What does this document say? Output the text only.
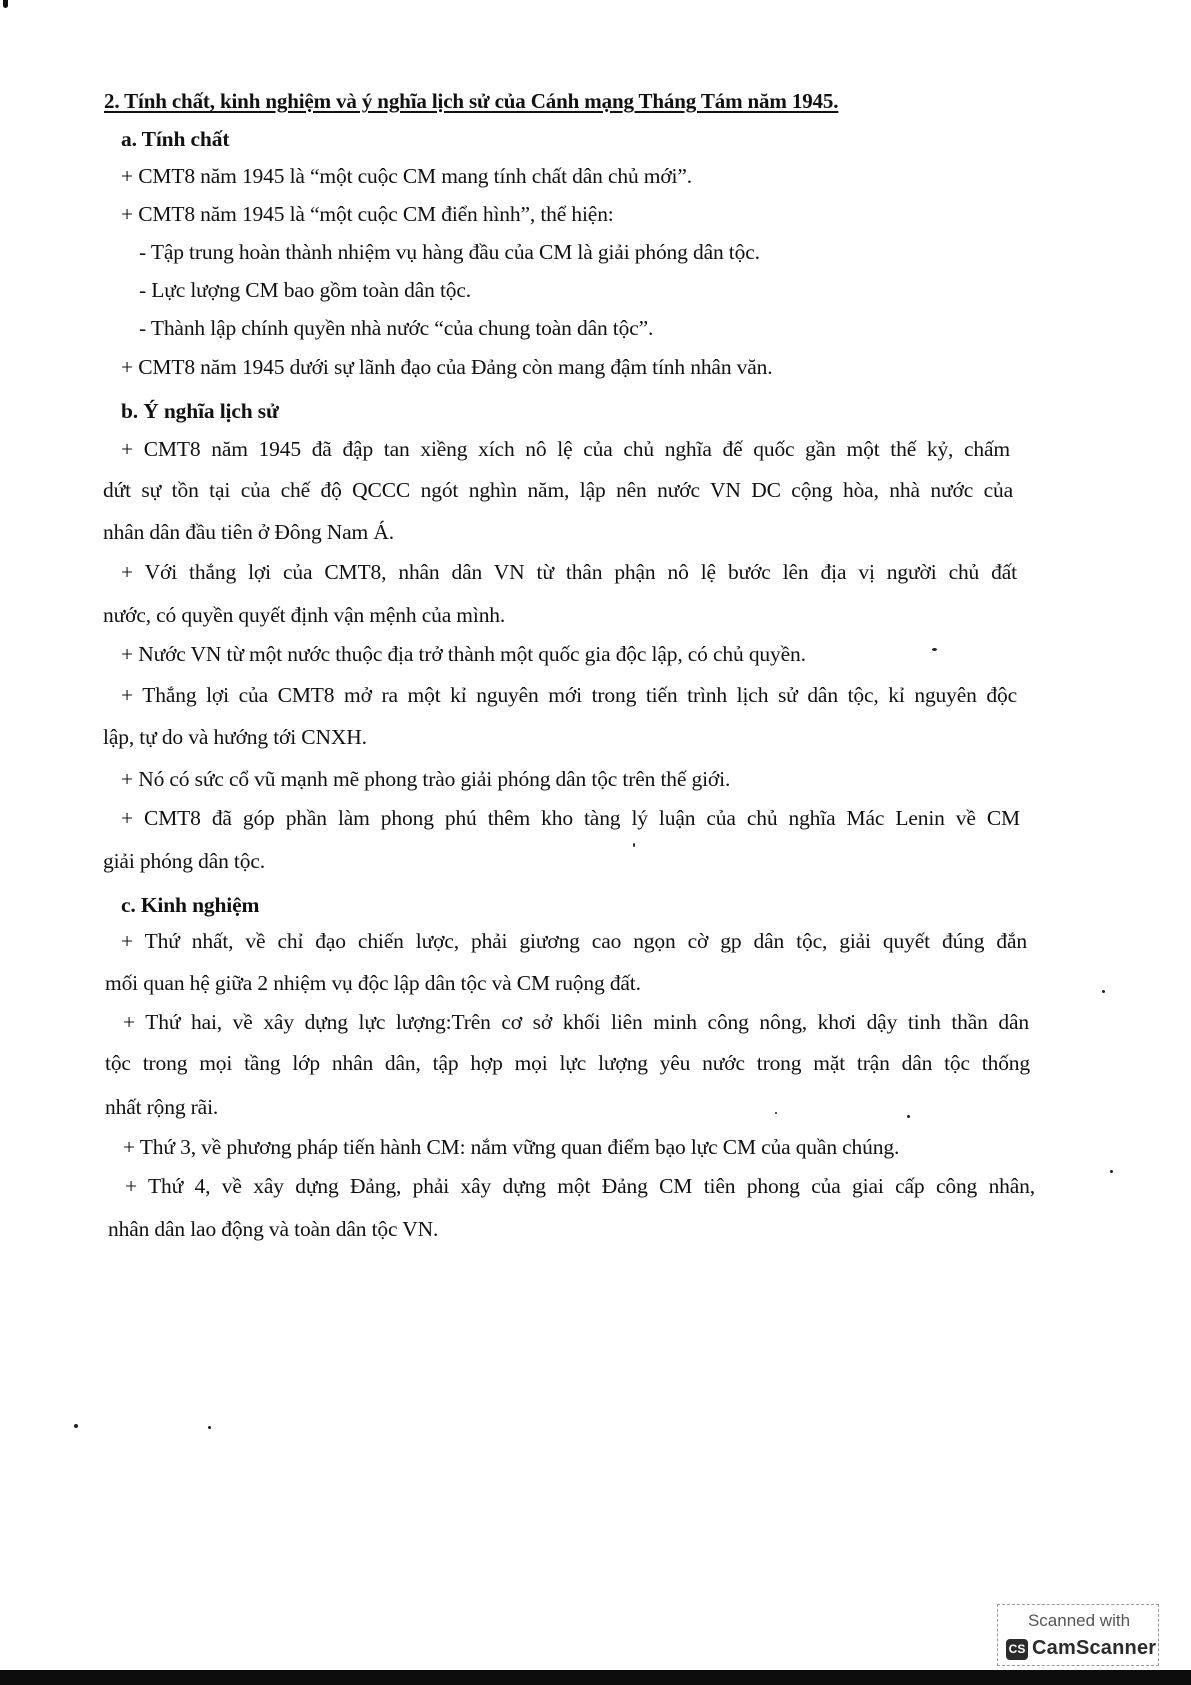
2. Tính chất, kinh nghiệm và ý nghĩa lịch sử của Cánh mạng Tháng Tám năm 1945.
a. Tính chất
+ CMT8 năm 1945 là “một cuộc CM mang tính chất dân chủ mới”.
+ CMT8 năm 1945 là “một cuộc CM điển hình”, thể hiện:
- Tập trung hoàn thành nhiệm vụ hàng đầu của CM là giải phóng dân tộc.
- Lực lượng CM bao gồm toàn dân tộc.
- Thành lập chính quyền nhà nước “của chung toàn dân tộc”.
+ CMT8 năm 1945 dưới sự lãnh đạo của Đảng còn mang đậm tính nhân văn.
b. Ý nghĩa lịch sử
+ CMT8 năm 1945 đã đập tan xiềng xích nô lệ của chủ nghĩa đế quốc gần một thế kỷ, chấm
dứt sự tồn tại của chế độ QCCC ngót nghìn năm, lập nên nước VN DC cộng hòa, nhà nước của
nhân dân đầu tiên ở Đông Nam Á.
+ Với thắng lợi của CMT8, nhân dân VN từ thân phận nô lệ bước lên địa vị người chủ đất
nước, có quyền quyết định vận mệnh của mình.
+ Nước VN từ một nước thuộc địa trở thành một quốc gia độc lập, có chủ quyền.
+ Thắng lợi của CMT8 mở ra một kỉ nguyên mới trong tiến trình lịch sử dân tộc, kỉ nguyên độc
lập, tự do và hướng tới CNXH.
+ Nó có sức cổ vũ mạnh mẽ phong trào giải phóng dân tộc trên thế giới.
+ CMT8 đã góp phần làm phong phú thêm kho tàng lý luận của chủ nghĩa Mác Lenin về CM
giải phóng dân tộc.
c. Kinh nghiệm
+ Thứ nhất, về chỉ đạo chiến lược, phải giương cao ngọn cờ gp dân tộc, giải quyết đúng đắn
mối quan hệ giữa 2 nhiệm vụ độc lập dân tộc và CM ruộng đất.
+ Thứ hai, về xây dựng lực lượng:Trên cơ sở khối liên minh công nông, khơi dậy tinh thần dân
tộc trong mọi tầng lớp nhân dân, tập hợp mọi lực lượng yêu nước trong mặt trận dân tộc thống
nhất rộng rãi.
+ Thứ 3, về phương pháp tiến hành CM: nắm vững quan điểm bạo lực CM của quần chúng.
+ Thứ 4, về xây dựng Đảng, phải xây dựng một Đảng CM tiên phong của giai cấp công nhân,
nhân dân lao động và toàn dân tộc VN.
Scanned with
CS CamScanner
